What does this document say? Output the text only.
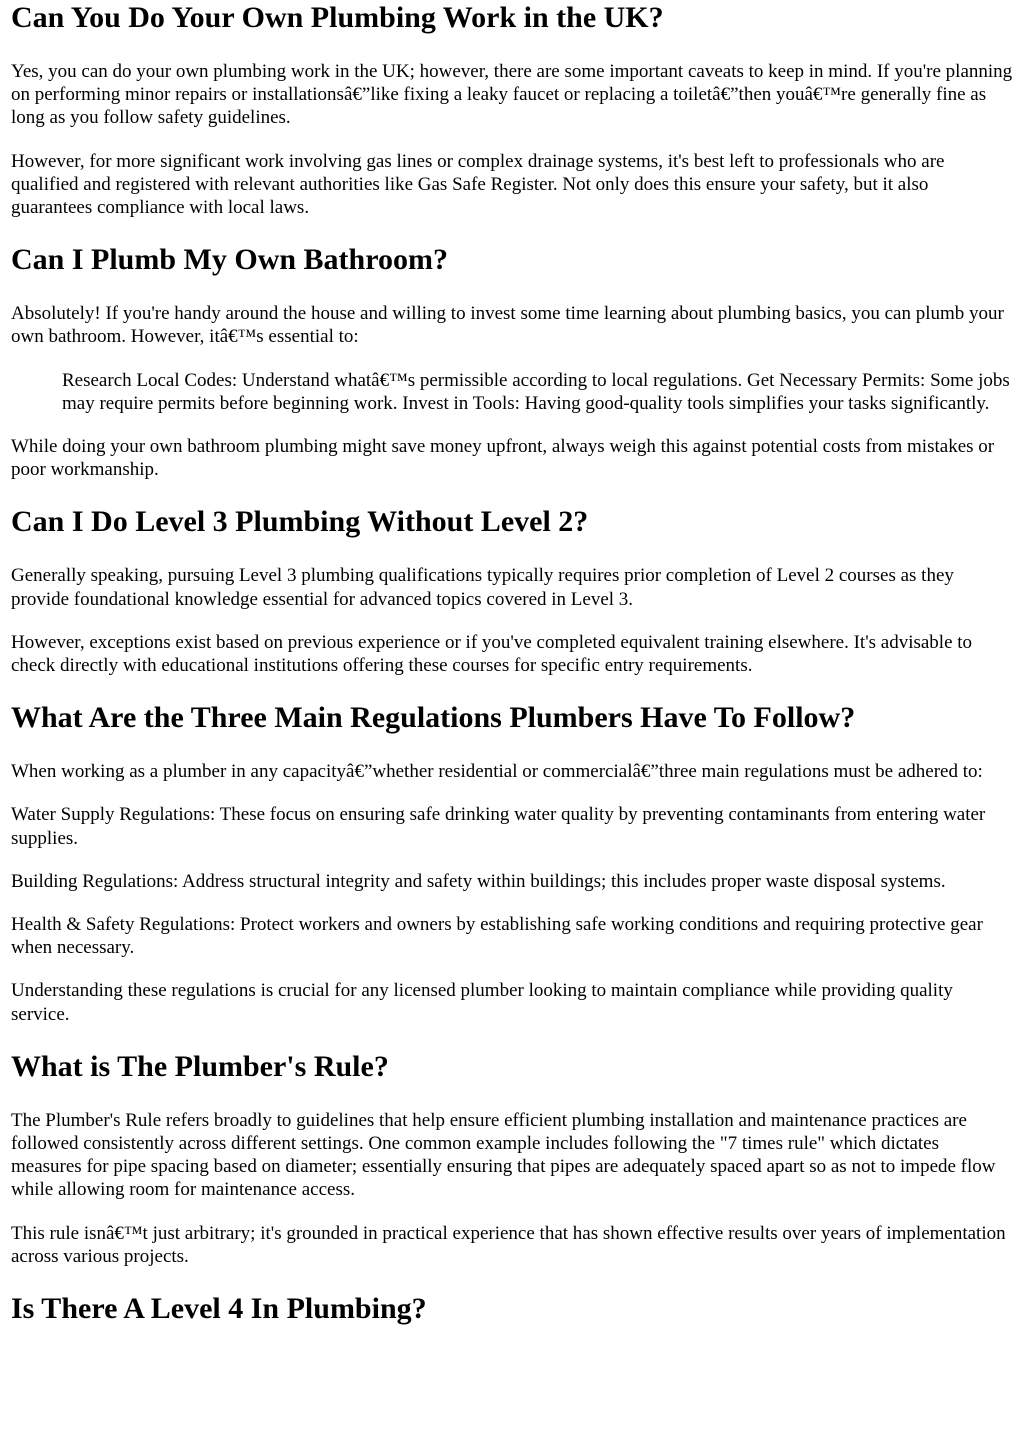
Can You Do Your Own Plumbing Work in the UK?

Yes, you can do your own plumbing work in the UK; however, there are some important caveats to keep in mind. If you're planning on performing minor repairs or installationsâ€”like fixing a leaky faucet or replacing a toiletâ€”then youâ€™re generally fine as long as you follow safety guidelines.

However, for more significant work involving gas lines or complex drainage systems, it's best left to professionals who are qualified and registered with relevant authorities like Gas Safe Register. Not only does this ensure your safety, but it also guarantees compliance with local laws.

Can I Plumb My Own Bathroom?

Absolutely! If you're handy around the house and willing to invest some time learning about plumbing basics, you can plumb your own bathroom. However, itâ€™s essential to:

Research Local Codes: Understand whatâ€™s permissible according to local regulations. Get Necessary Permits: Some jobs may require permits before beginning work. Invest in Tools: Having good-quality tools simplifies your tasks significantly.

While doing your own bathroom plumbing might save money upfront, always weigh this against potential costs from mistakes or poor workmanship.

Can I Do Level 3 Plumbing Without Level 2?

Generally speaking, pursuing Level 3 plumbing qualifications typically requires prior completion of Level 2 courses as they provide foundational knowledge essential for advanced topics covered in Level 3.

However, exceptions exist based on previous experience or if you've completed equivalent training elsewhere. It's advisable to check directly with educational institutions offering these courses for specific entry requirements.

What Are the Three Main Regulations Plumbers Have To Follow?

When working as a plumber in any capacityâ€”whether residential or commercialâ€”three main regulations must be adhered to:

Water Supply Regulations: These focus on ensuring safe drinking water quality by preventing contaminants from entering water supplies.

Building Regulations: Address structural integrity and safety within buildings; this includes proper waste disposal systems.

Health & Safety Regulations: Protect workers and owners by establishing safe working conditions and requiring protective gear when necessary.

Understanding these regulations is crucial for any licensed plumber looking to maintain compliance while providing quality service.

What is The Plumber's Rule?

The Plumber's Rule refers broadly to guidelines that help ensure efficient plumbing installation and maintenance practices are followed consistently across different settings. One common example includes following the "7 times rule" which dictates measures for pipe spacing based on diameter; essentially ensuring that pipes are adequately spaced apart so as not to impede flow while allowing room for maintenance access.

This rule isnâ€™t just arbitrary; it's grounded in practical experience that has shown effective results over years of implementation across various projects.

Is There A Level 4 In Plumbing?
